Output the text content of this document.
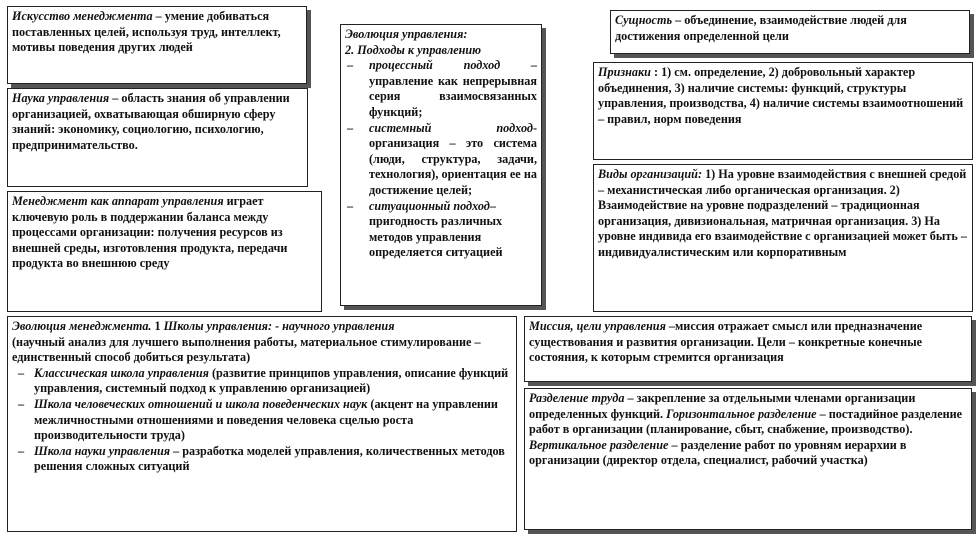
Искусство менеджмента – умение добиваться поставленных целей, используя труд, интеллект, мотивы поведения других людей

Наука управления – область знания об управлении организацией, охватывающая обширную сферу знаний: экономику, социологию, психологию, предпринимательство.

Менеджмент как аппарат управления играет ключевую роль в поддержании баланса между процессами организации: получения ресурсов из внешней среды, изготовления продукта, передачи продукта во внешнюю среду

Эволюция управления:

2. Подходы к управлению

– процессный подход – управление как непрерывная серия взаимосвязанных функций;
– системный подход- организация – это система (люди, структура, задачи, технология), ориентация ее на достижение целей;
– ситуационный подход– пригодность различных методов управления определяется ситуацией

Сущность – объединение, взаимодействие людей для достижения определенной цели

Признаки : 1) см. определение, 2) добровольный характер объединения, 3) наличие системы: функций, структуры управления, производства, 4) наличие системы взаимоотношений – правил, норм поведения

Виды организаций: 1) На уровне взаимодействия с внешней средой – механистическая либо органическая организация. 2) Взаимодействие на уровне подразделений – традиционная организация, дивизиональная, матричная организация. 3) На уровне индивида его взаимодействие с организацией может быть – индивидуалистическим или корпоративным

Эволюция менеджмента. 1 Школы управления: - научного управления

(научный анализ для лучшего выполнения работы, материальное стимулирование –единственный способ добиться результата)

– Классическая школа управления (развитие принципов управления, описание функций управления, системный подход к управлению организацией)
– Школа человеческих отношений и школа поведенческих наук (акцент на управлении межличностными отношениями и поведения человека сцелью роста производительности труда)
– Школа науки управления – разработка моделей управления, количественных методов решения сложных ситуаций

Миссия, цели управления –миссия отражает смысл или предназначение существования и развития организации. Цели – конкретные конечные состояния, к которым стремится организация

Разделение труда – закрепление за отдельными членами организации определенных функций. Горизонтальное разделение – постадийное разделение работ в организации (планирование, сбыт, снабжение, производство).

Вертикальное разделение – разделение работ по уровням иерархии в организации (директор отдела, специалист, рабочий участка)
